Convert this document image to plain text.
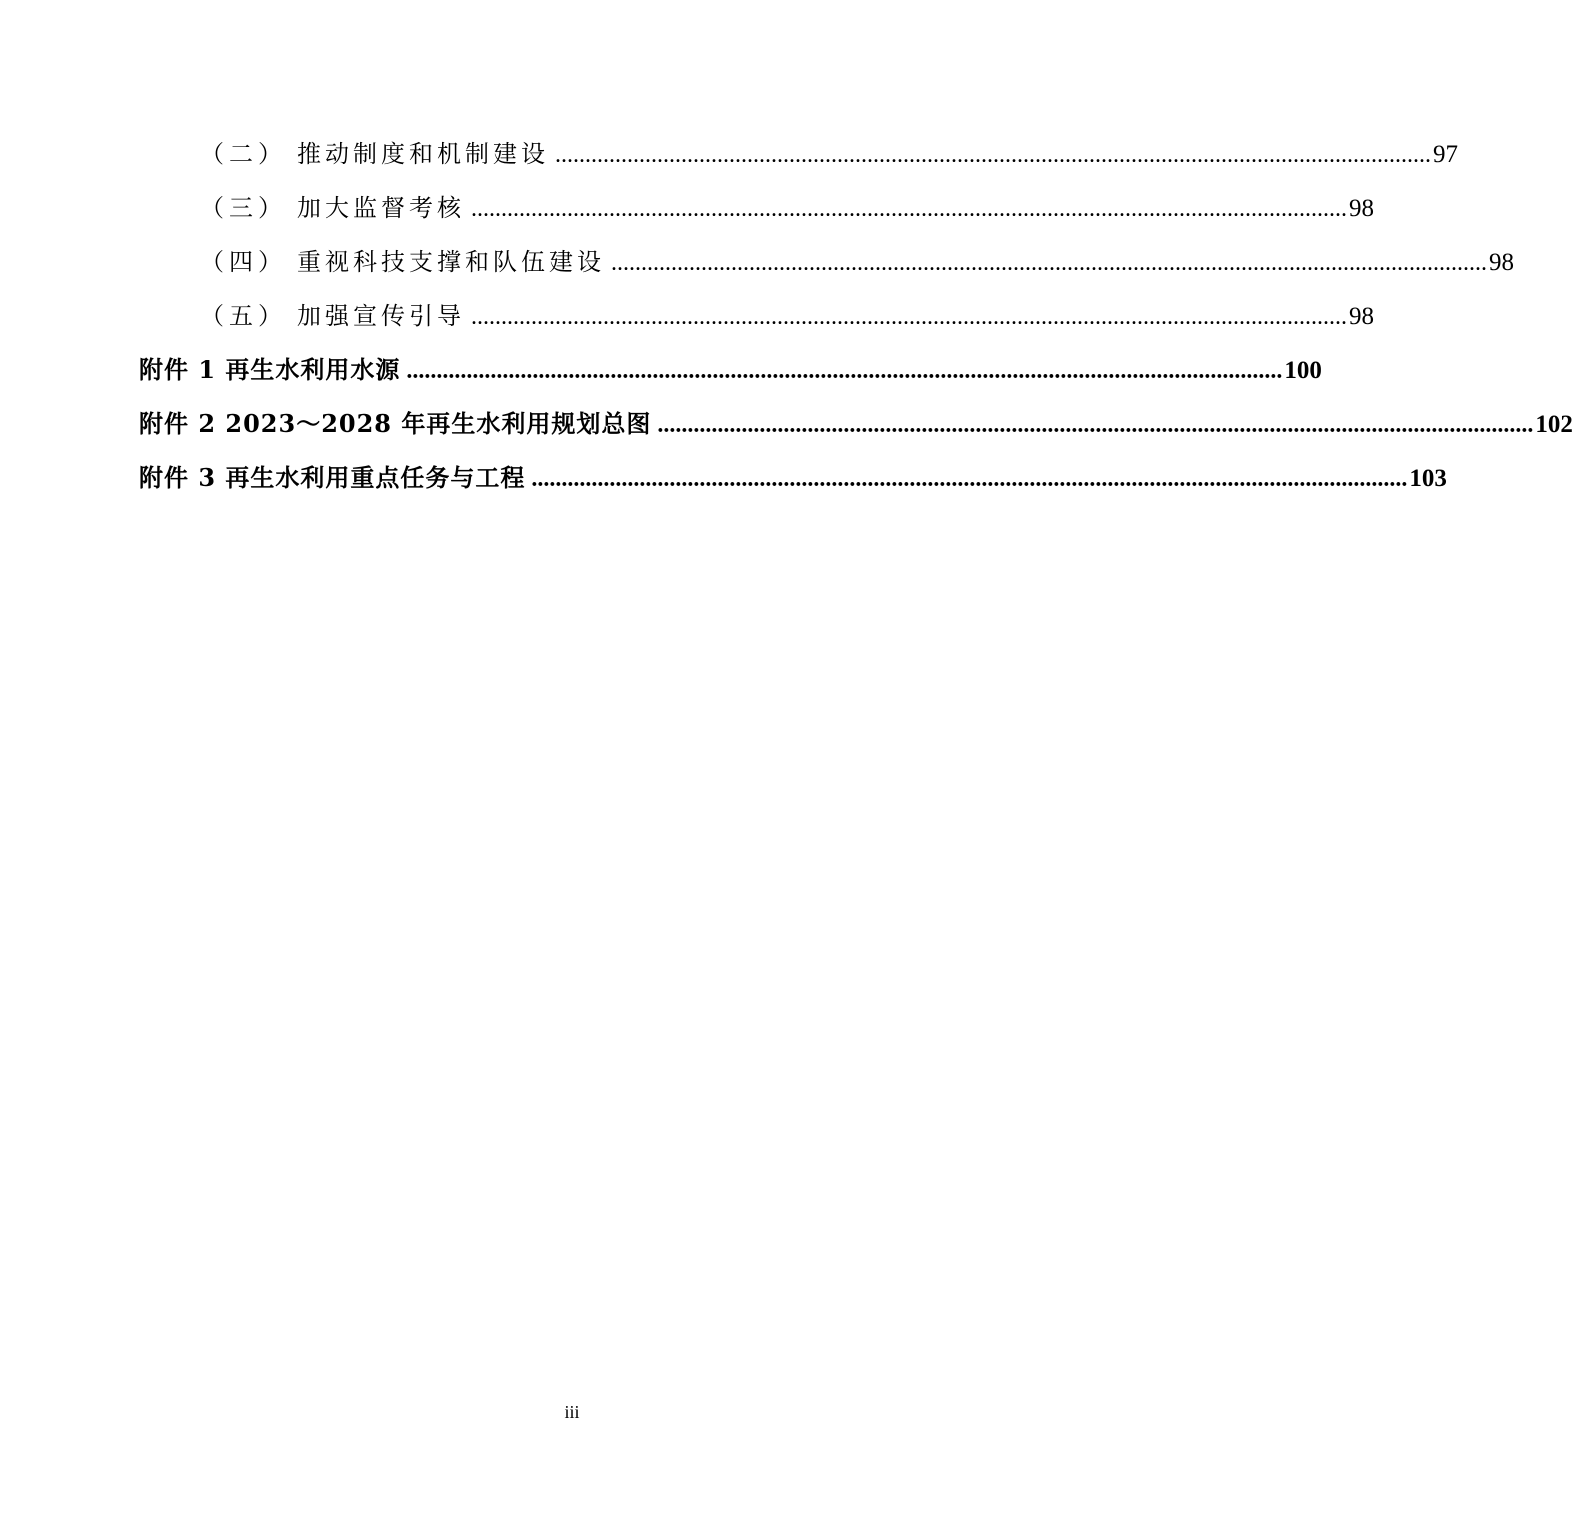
（二） 推动制度和机制建设 .................................................................................................................................................. 97
（三） 加大监督考核 .................................................................................................................................................. 98
（四） 重视科技支撑和队伍建设 .................................................................................................................................................. 98
（五） 加强宣传引导 .................................................................................................................................................. 98
附件 1 再生水利用水源 .................................................................................................................................................. 100
附件 2 2023～2028 年再生水利用规划总图 .................................................................................................................................................. 102
附件 3 再生水利用重点任务与工程 .................................................................................................................................................. 103
iii
